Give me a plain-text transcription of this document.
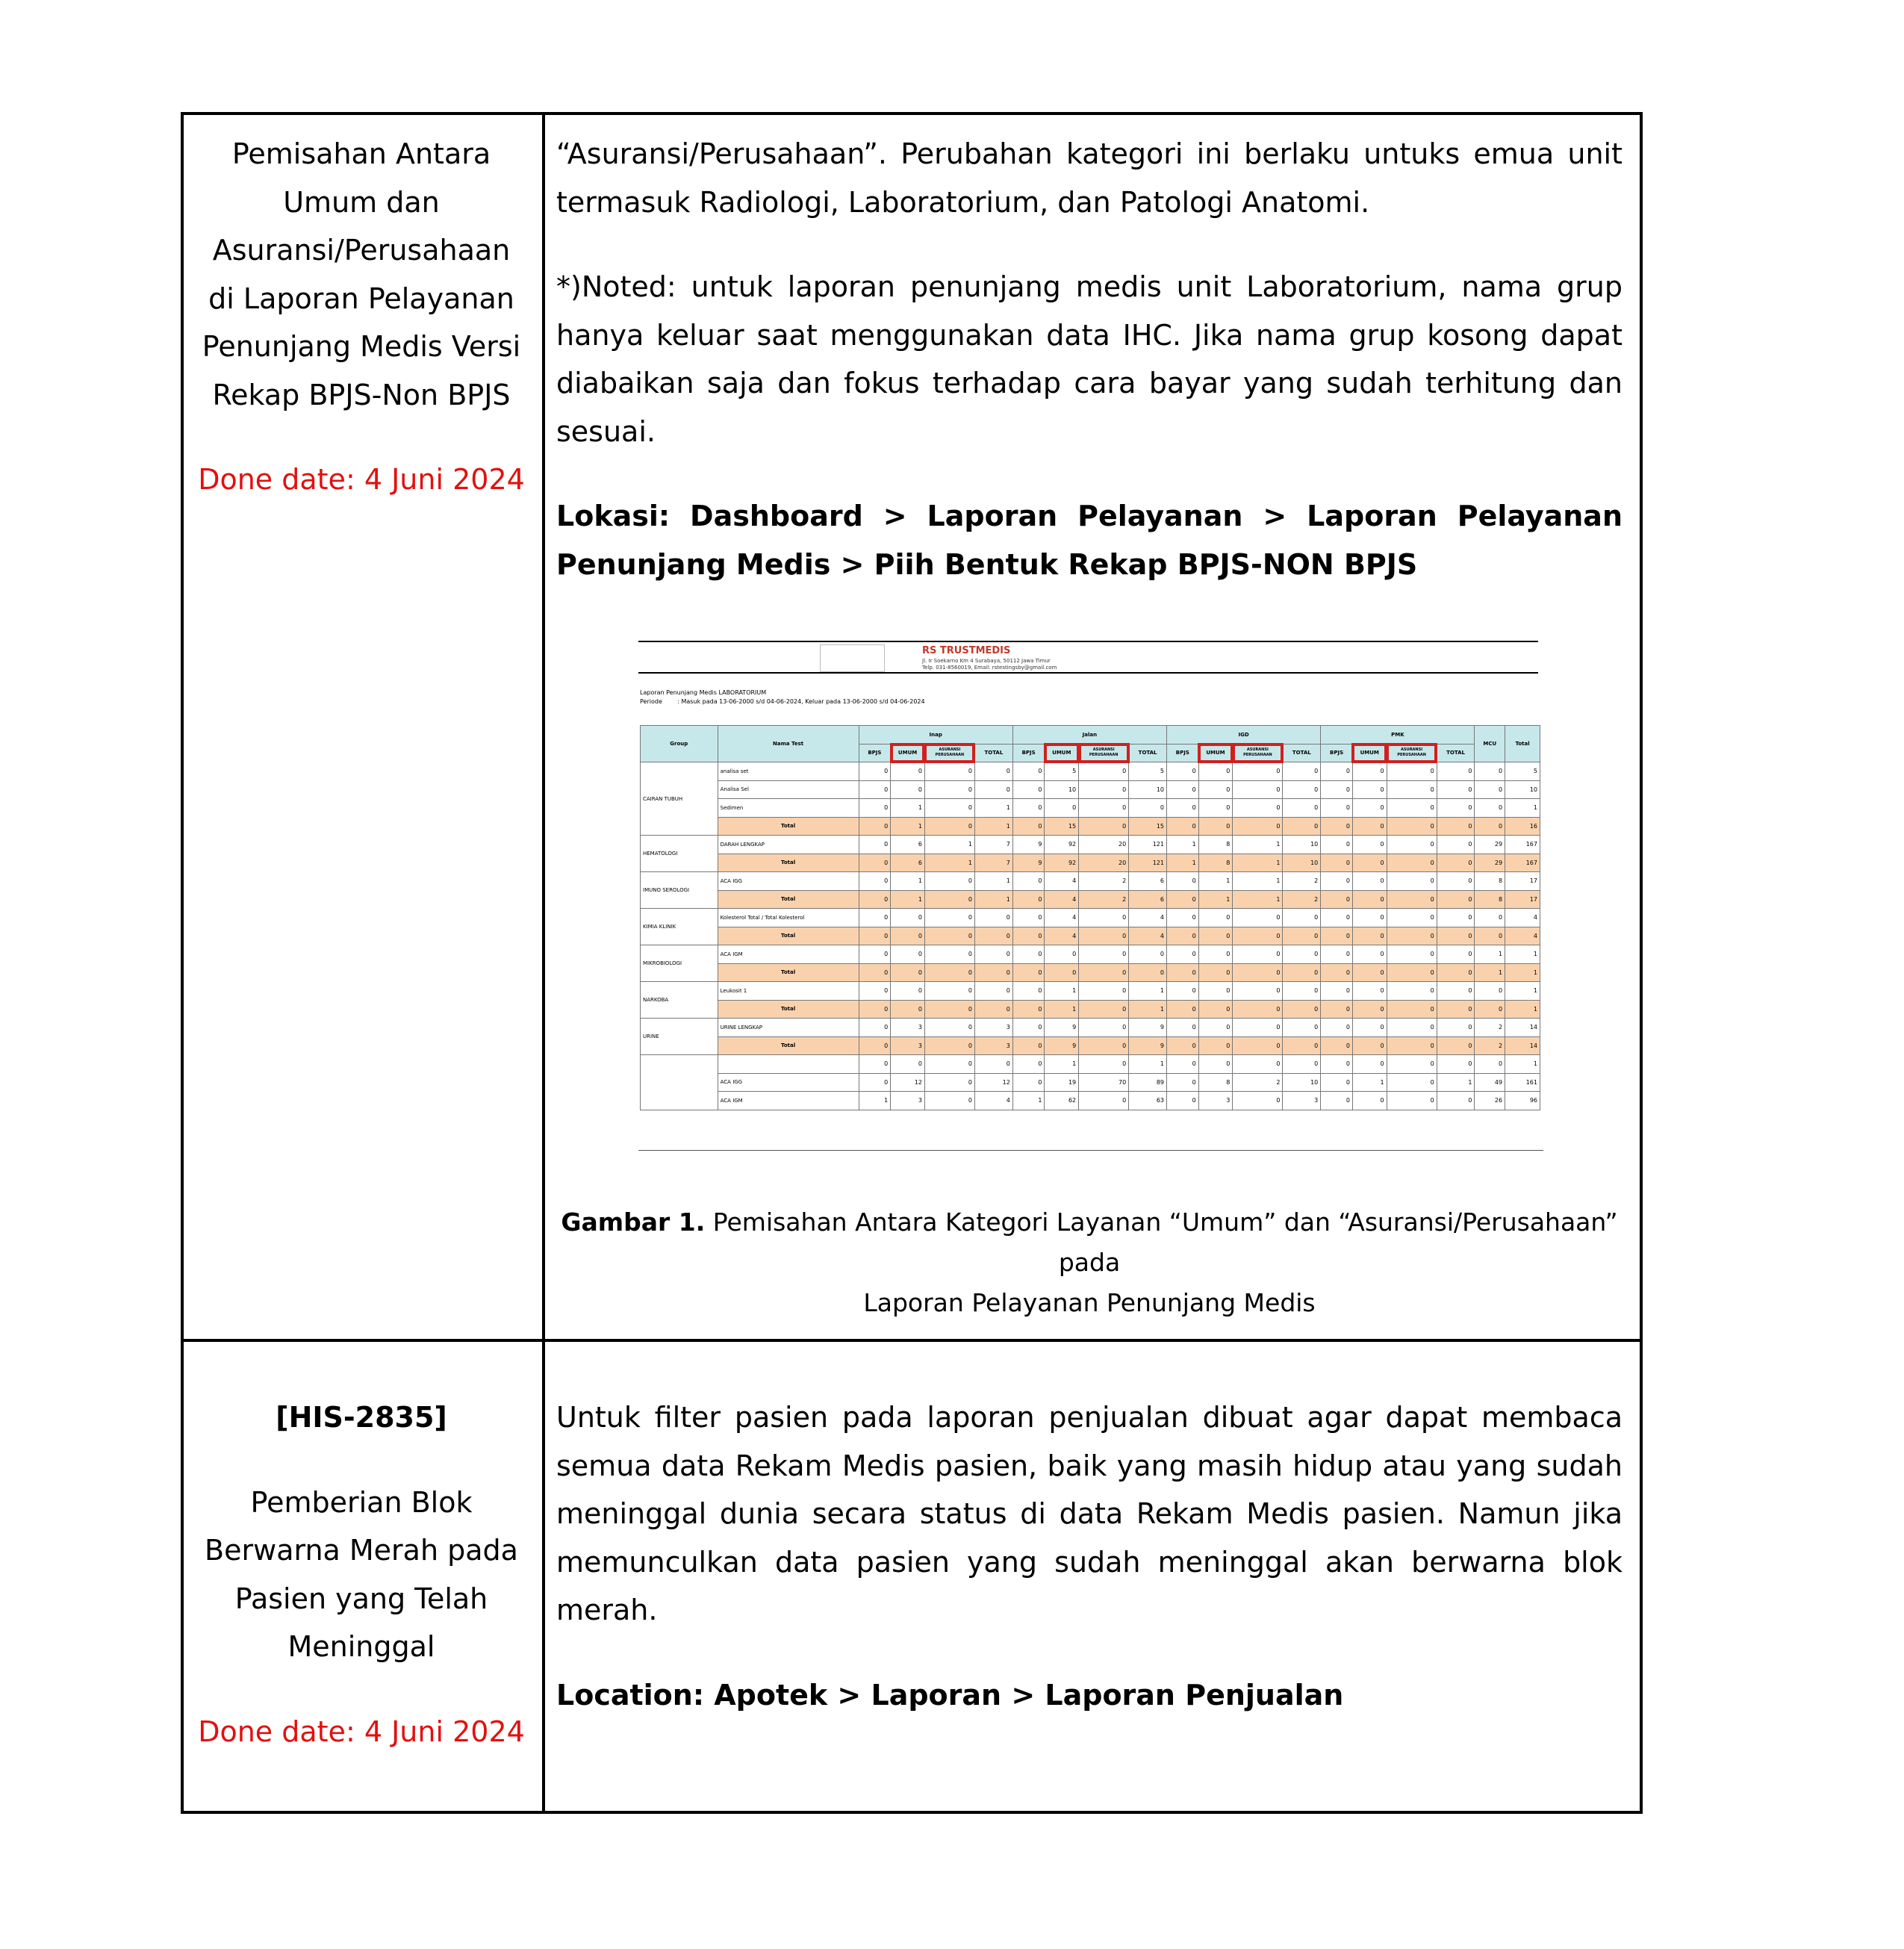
Pemisahan Antara

Umum dan

Asuransi/Perusahaan

di Laporan Pelayanan

Penunjang Medis Versi

Rekap BPJS-Non BPJS

Done date: 4 Juni 2024

“Asuransi/Perusahaan”. Perubahan kategori ini berlaku untuks emua unit termasuk Radiologi, Laboratorium, dan Patologi Anatomi.

*)Noted: untuk laporan penunjang medis unit Laboratorium, nama grup hanya keluar saat menggunakan data IHC. Jika nama grup kosong dapat diabaikan saja dan fokus terhadap cara bayar yang sudah terhitung dan sesuai.

Lokasi: Dashboard > Laporan Pelayanan > Laporan Pelayanan Penunjang Medis > Piih Bentuk Rekap BPJS-NON BPJS

RS TRUSTMEDIS
Jl. Ir Soekarno Km 4 Surabaya, 50112 Jawa Timur
Telp. 031-8560019, Email: rstestingsby@gmail.com
Laporan Penunjang Medis LABORATORIUM
Periode	: Masuk pada 13-06-2000 s/d 04-06-2024, Keluar pada 13-06-2000 s/d 04-06-2024
Group	Nama Test	Inap				Jalan				IGD				PMK				MCU	Total
		BPJS	UMUM	ASURANSI PERUSAHAAN	TOTAL	BPJS	UMUM	ASURANSI PERUSAHAAN	TOTAL	BPJS	UMUM	ASURANSI PERUSAHAAN	TOTAL	BPJS	UMUM	ASURANSI PERUSAHAAN	TOTAL		
CAIRAN TUBUH	analisa set	0	0	0	0	0	5	0	5	0	0	0	0	0	0	0	0	0	5
	Analisa Sel	0	0	0	0	0	10	0	10	0	0	0	0	0	0	0	0	0	10
	Sedimen	0	1	0	1	0	0	0	0	0	0	0	0	0	0	0	0	0	1
	Total	0	1	0	1	0	15	0	15	0	0	0	0	0	0	0	0	0	16
HEMATOLOGI	DARAH LENGKAP	0	6	1	7	9	92	20	121	1	8	1	10	0	0	0	0	29	167
	Total	0	6	1	7	9	92	20	121	1	8	1	10	0	0	0	0	29	167
IMUNO SEROLOGI	ACA IGG	0	1	0	1	0	4	2	6	0	1	1	2	0	0	0	0	8	17
	Total	0	1	0	1	0	4	2	6	0	1	1	2	0	0	0	0	8	17
KIMIA KLINIK	Kolesterol Total / Total Kolesterol	0	0	0	0	0	4	0	4	0	0	0	0	0	0	0	0	0	4
	Total	0	0	0	0	0	4	0	4	0	0	0	0	0	0	0	0	0	4
MIKROBIOLOGI	ACA IGM	0	0	0	0	0	0	0	0	0	0	0	0	0	0	0	0	1	1
	Total	0	0	0	0	0	0	0	0	0	0	0	0	0	0	0	0	1	1
NARKOBA	Leukosit 1	0	0	0	0	0	1	0	1	0	0	0	0	0	0	0	0	0	1
	Total	0	0	0	0	0	1	0	1	0	0	0	0	0	0	0	0	0	1
URINE	URINE LENGKAP	0	3	0	3	0	9	0	9	0	0	0	0	0	0	0	0	2	14
	Total	0	3	0	3	0	9	0	9	0	0	0	0	0	0	0	0	2	14
		0	0	0	0	0	1	0	1	0	0	0	0	0	0	0	0	0	1
	ACA IGG	0	12	0	12	0	19	70	89	0	8	2	10	0	1	0	1	49	161
	ACA IGM	1	3	0	4	1	62	0	63	0	3	0	3	0	0	0	0	26	96
Gambar 1. Pemisahan Antara Kategori Layanan “Umum” dan “Asuransi/Perusahaan” pada
Laporan Pelayanan Penunjang Medis

[HIS-2835]

Pemberian Blok

Berwarna Merah pada

Pasien yang Telah

Meninggal

Done date: 4 Juni 2024

Untuk filter pasien pada laporan penjualan dibuat agar dapat membaca semua data Rekam Medis pasien, baik yang masih hidup atau yang sudah meninggal dunia secara status di data Rekam Medis pasien. Namun jika memunculkan data pasien yang sudah meninggal akan berwarna blok merah.

Location: Apotek > Laporan > Laporan Penjualan
